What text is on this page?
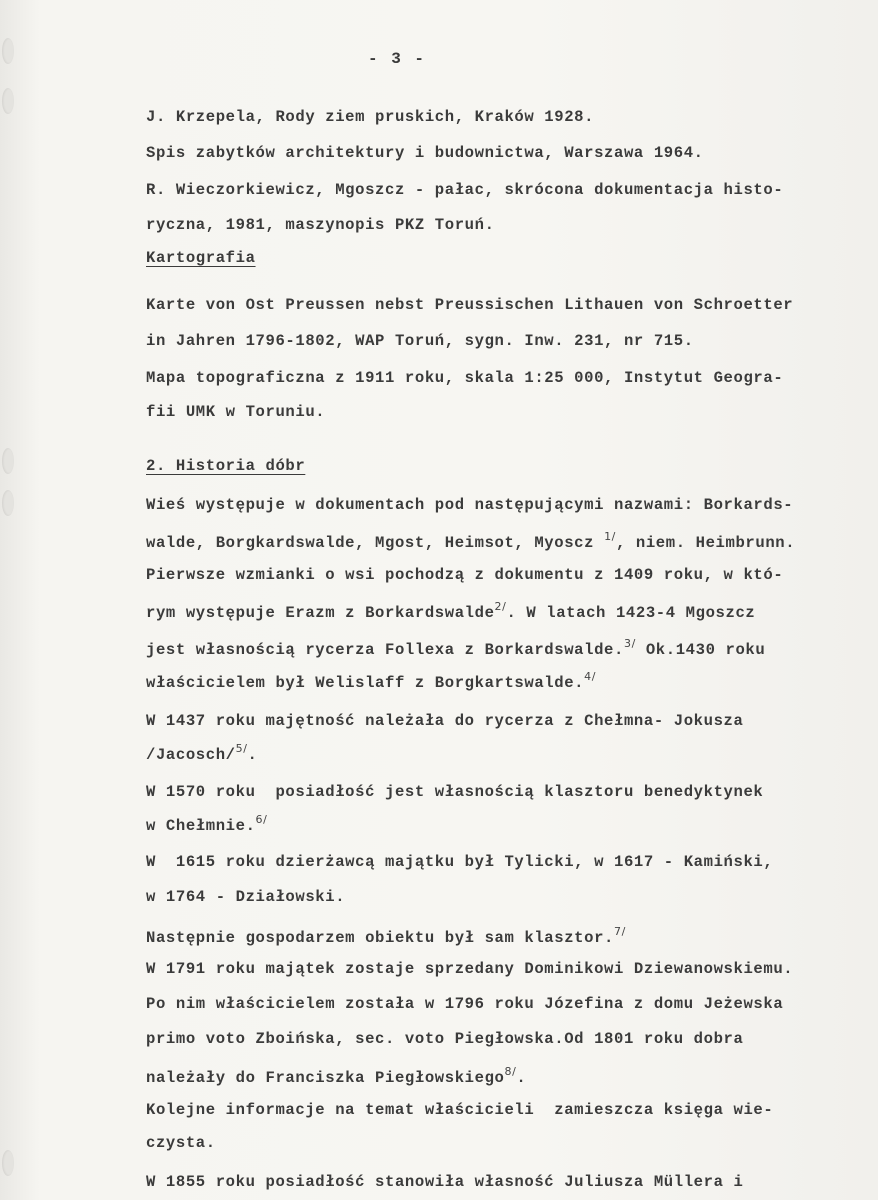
- 3 -
J. Krzepela, Rody ziem pruskich, Kraków 1928.
Spis zabytków architektury i budownictwa, Warszawa 1964.
R. Wieczorkiewicz, Mgoszcz - pałac, skrócona dokumentacja histo-
ryczna, 1981, maszynopis PKZ Toruń.
Kartografia
Karte von Ost Preussen nebst Preussischen Lithauen von Schroetter
in Jahren 1796-1802, WAP Toruń, sygn. Inw. 231, nr 715.
Mapa topograficzna z 1911 roku, skala 1:25 000, Instytut Geogra-
fii UMK w Toruniu.
2. Historia dóbr
Wieś występuje w dokumentach pod następującymi nazwami: Borkards-
walde, Borgkardswalde, Mgost, Heimsot, Myoscz $^{1/}$, niem. Heimbrunn.
Pierwsze wzmianki o wsi pochodzą z dokumentu z 1409 roku, w któ-
rym występuje Erazm z Borkardswalde$^{2/}$. W latach 1423-4 Mgoszcz
jest własnością rycerza Follexa z Borkardswalde.$^{3/}$ Ok.1430 roku
właścicielem był Welislaff z Borgkartswalde.$^{4/}$
W 1437 roku majętność należała do rycerza z Chełmna- Jokusza
/Jacosch/$^{5/}$.
W 1570 roku  posiadłość jest własnością klasztoru benedyktynek
w Chełmnie.$^{6/}$
W  1615 roku dzierżawcą majątku był Tylicki, w 1617 - Kamiński,
w 1764 - Działowski.
Następnie gospodarzem obiektu był sam klasztor.$^{7/}$
W 1791 roku majątek zostaje sprzedany Dominikowi Dziewanowskiemu.
Po nim właścicielem została w 1796 roku Józefina z domu Jeżewska
primo voto Zboińska, sec. voto Piegłowska.Od 1801 roku dobra
należały do Franciszka Piegłowskiego$^{8/}$.
Kolejne informacje na temat właścicieli  zamieszcza księga wie-
czysta.
W 1855 roku posiadłość stanowiła własność Juliusza Müllera i
